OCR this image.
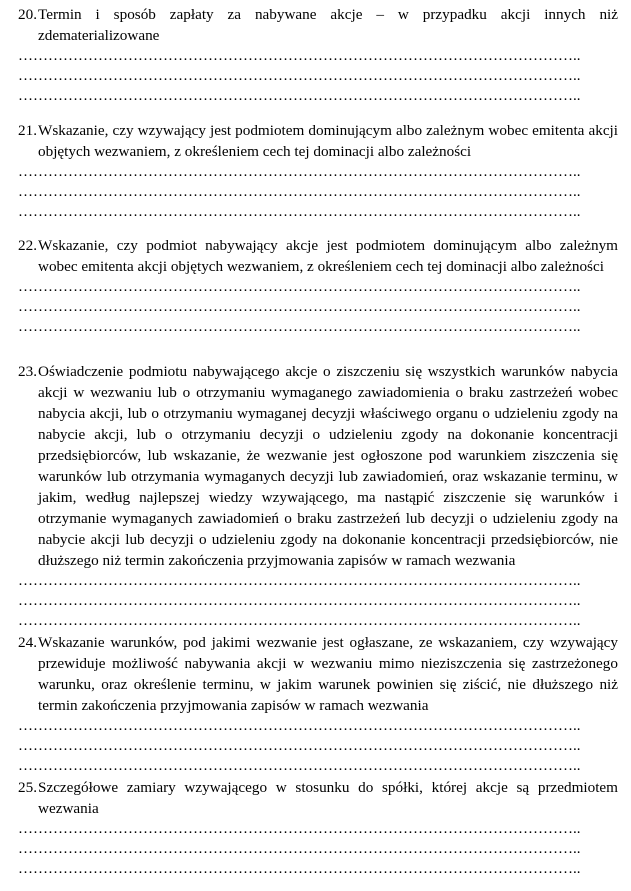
20. Termin i sposób zapłaty za nabywane akcje – w przypadku akcji innych niż zdematerializowane
…………………………………………………………………………………………………..
…………………………………………………………………………………………………..
…………………………………………………………………………………………………..
21. Wskazanie, czy wzywający jest podmiotem dominującym albo zależnym wobec emitenta akcji objętych wezwaniem, z określeniem cech tej dominacji albo zależności
…………………………………………………………………………………………………..
…………………………………………………………………………………………………..
…………………………………………………………………………………………………..
22. Wskazanie, czy podmiot nabywający akcje jest podmiotem dominującym albo zależnym wobec emitenta akcji objętych wezwaniem, z określeniem cech tej dominacji albo zależności
…………………………………………………………………………………………………..
…………………………………………………………………………………………………..
…………………………………………………………………………………………………..
23. Oświadczenie podmiotu nabywającego akcje o ziszczeniu się wszystkich warunków nabycia akcji w wezwaniu lub o otrzymaniu wymaganego zawiadomienia o braku zastrzeżeń wobec nabycia akcji, lub o otrzymaniu wymaganej decyzji właściwego organu o udzieleniu zgody na nabycie akcji, lub o otrzymaniu decyzji o udzieleniu zgody na dokonanie koncentracji przedsiębiorców, lub wskazanie, że wezwanie jest ogłoszone pod warunkiem ziszczenia się warunków lub otrzymania wymaganych decyzji lub zawiadomień, oraz wskazanie terminu, w jakim, według najlepszej wiedzy wzywającego, ma nastąpić ziszczenie się warunków i otrzymanie wymaganych zawiadomień o braku zastrzeżeń lub decyzji o udzieleniu zgody na nabycie akcji lub decyzji o udzieleniu zgody na dokonanie koncentracji przedsiębiorców, nie dłuższego niż termin zakończenia przyjmowania zapisów w ramach wezwania
…………………………………………………………………………………………………..
…………………………………………………………………………………………………..
…………………………………………………………………………………………………..
24. Wskazanie warunków, pod jakimi wezwanie jest ogłaszane, ze wskazaniem, czy wzywający przewiduje możliwość nabywania akcji w wezwaniu mimo nieziszczenia się zastrzeżonego warunku, oraz określenie terminu, w jakim warunek powinien się ziścić, nie dłuższego niż termin zakończenia przyjmowania zapisów w ramach wezwania
…………………………………………………………………………………………………..
…………………………………………………………………………………………………..
…………………………………………………………………………………………………..
25. Szczegółowe zamiary wzywającego w stosunku do spółki, której akcje są przedmiotem wezwania
…………………………………………………………………………………………………..
…………………………………………………………………………………………………..
…………………………………………………………………………………………………..
